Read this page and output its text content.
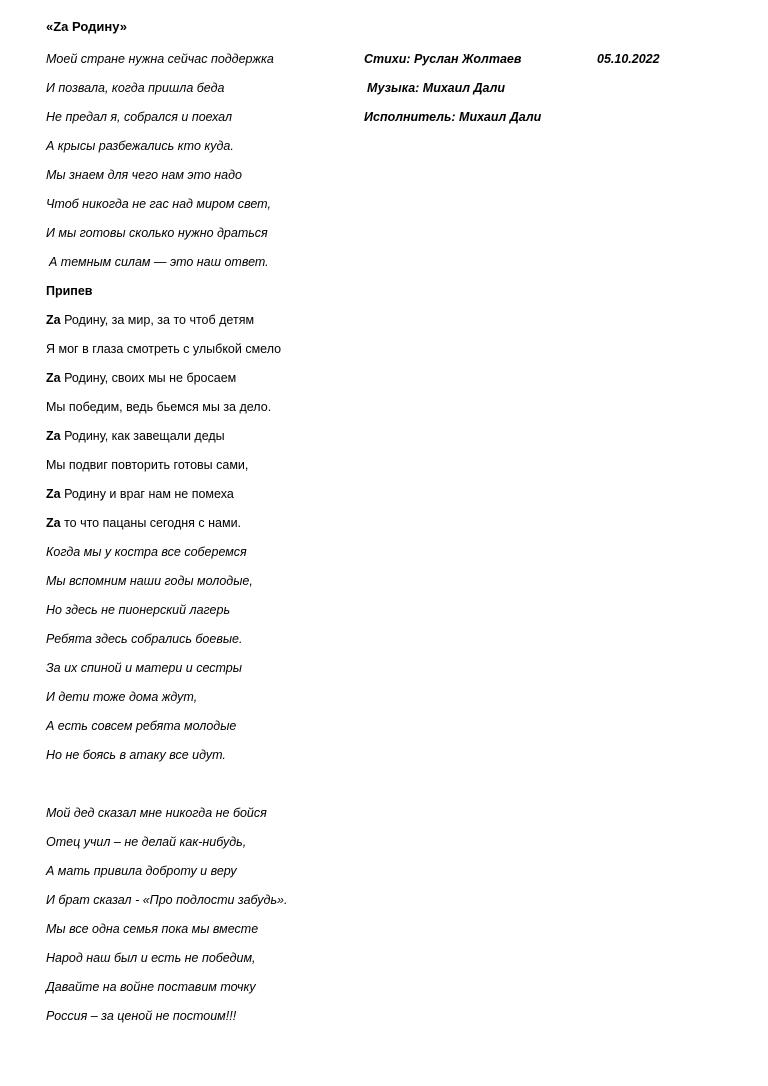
«Zа Родину»
Стихи: Руслан Жолтаев	05.10.2022
Музыка: Михаил Дали
Исполнитель: Михаил Дали
Моей стране нужна сейчас поддержка
И позвала, когда пришла беда
Не предал я, собрался и поехал
А крысы разбежались кто куда.
Мы знаем для чего нам это надо
Чтоб никогда не гас над миром свет,
И мы готовы сколько нужно драться
А темным силам — это наш ответ.
Припев
Zа Родину, за мир, за то чтоб детям
Я мог в глаза смотреть с улыбкой смело
Zа Родину, своих мы не бросаем
Мы победим, ведь бьемся мы за дело.
Zа Родину, как завещали деды
Мы подвиг повторить готовы сами,
Zа Родину и враг нам не помеха
Zа то что пацаны сегодня с нами.
Когда мы у костра все соберемся
Мы вспомним наши годы молодые,
Но здесь не пионерский лагерь
Ребята здесь собрались боевые.
За их спиной и матери и сестры
И дети тоже дома ждут,
А есть совсем ребята молодые
Но не боясь в атаку все идут.
Мой дед сказал мне никогда не бойся
Отец учил – не делай как-нибудь,
А мать привила доброту и веру
И брат сказал - «Про подлости забудь».
Мы все одна семья пока мы вместе
Народ наш был и есть не победим,
Давайте на войне поставим точку
Россия – за ценой не постоим!!!
